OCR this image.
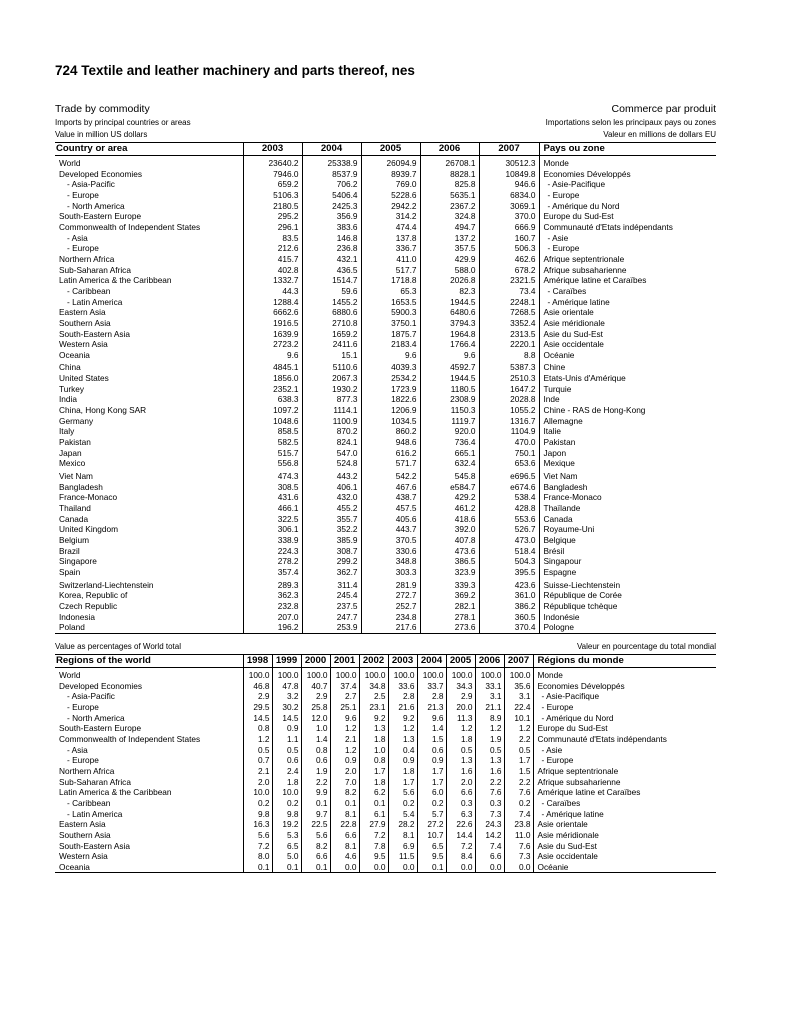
724 Textile and leather machinery and parts thereof, nes
Trade by commodity	Commerce par produit
Imports by principal countries or areas	Importations selon les principaux pays ou zones
Value in million US dollars	Valeur en millions de dollars EU
Country or area	2003	2004	2005	2006	2007	Pays ou zone
World	23640.2	25338.9	26094.9	26708.1	30512.3	Monde
Developed Economies	7946.0	8537.9	8939.7	8828.1	10849.8	Economies Développés
- Asia-Pacific	659.2	706.2	769.0	825.8	946.6	- Asie-Pacifique
- Europe	5106.3	5406.4	5228.6	5635.1	6834.0	- Europe
- North America	2180.5	2425.3	2942.2	2367.2	3069.1	- Amérique du Nord
South-Eastern Europe	295.2	356.9	314.2	324.8	370.0	Europe du Sud-Est
Commonwealth of Independent States	296.1	383.6	474.4	494.7	666.9	Communauté d'Etats indépendants
- Asia	83.5	146.8	137.8	137.2	160.7	- Asie
- Europe	212.6	236.8	336.7	357.5	506.3	- Europe
Northern Africa	415.7	432.1	411.0	429.9	462.6	Afrique septentrionale
Sub-Saharan Africa	402.8	436.5	517.7	588.0	678.2	Afrique subsaharienne
Latin America & the Caribbean	1332.7	1514.7	1718.8	2026.8	2321.5	Amérique latine et Caraïbes
- Caribbean	44.3	59.6	65.3	82.3	73.4	- Caraïbes
- Latin America	1288.4	1455.2	1653.5	1944.5	2248.1	- Amérique latine
Eastern Asia	6662.6	6880.6	5900.3	6480.6	7268.5	Asie orientale
Southern Asia	1916.5	2710.8	3750.1	3794.3	3352.4	Asie méridionale
South-Eastern Asia	1639.9	1659.2	1875.7	1964.8	2313.5	Asie du Sud-Est
Western Asia	2723.2	2411.6	2183.4	1766.4	2220.1	Asie occidentale
Oceania	9.6	15.1	9.6	9.6	8.8	Océanie
China	4845.1	5110.6	4039.3	4592.7	5387.3	Chine
United States	1856.0	2067.3	2534.2	1944.5	2510.3	Etats-Unis d'Amérique
Turkey	2352.1	1930.2	1723.9	1180.5	1647.2	Turquie
India	638.3	877.3	1822.6	2308.9	2028.8	Inde
China, Hong Kong SAR	1097.2	1114.1	1206.9	1150.3	1055.2	Chine - RAS de Hong-Kong
Germany	1048.6	1100.9	1034.5	1119.7	1316.7	Allemagne
Italy	858.5	870.2	860.2	920.0	1104.9	Italie
Pakistan	582.5	824.1	948.6	736.4	470.0	Pakistan
Japan	515.7	547.0	616.2	665.1	750.1	Japon
Mexico	556.8	524.8	571.7	632.4	653.6	Mexique
Viet Nam	474.3	443.2	542.2	545.8	e696.5	Viet Nam
Bangladesh	308.5	406.1	467.6	e584.7	e674.6	Bangladesh
France-Monaco	431.6	432.0	438.7	429.2	538.4	France-Monaco
Thailand	466.1	455.2	457.5	461.2	428.8	Thaïlande
Canada	322.5	355.7	405.6	418.6	553.6	Canada
United Kingdom	306.1	352.2	443.7	392.0	526.7	Royaume-Uni
Belgium	338.9	385.9	370.5	407.8	473.0	Belgique
Brazil	224.3	308.7	330.6	473.6	518.4	Brésil
Singapore	278.2	299.2	348.8	386.5	504.3	Singapour
Spain	357.4	362.7	303.3	323.9	395.5	Espagne
Switzerland-Liechtenstein	289.3	311.4	281.9	339.3	423.6	Suisse-Liechtenstein
Korea, Republic of	362.3	245.4	272.7	369.2	361.0	République de Corée
Czech Republic	232.8	237.5	252.7	282.1	386.2	République tchèque
Indonesia	207.0	247.7	234.8	278.1	360.5	Indonésie
Poland	196.2	253.9	217.6	273.6	370.4	Pologne
Value as percentages of World total	Valeur en pourcentage du total mondial
Regions of the world	1998	1999	2000	2001	2002	2003	2004	2005	2006	2007	Régions du monde
World	100.0	100.0	100.0	100.0	100.0	100.0	100.0	100.0	100.0	100.0	Monde
Developed Economies	46.8	47.8	40.7	37.4	34.8	33.6	33.7	34.3	33.1	35.6	Economies Développés
- Asia-Pacific	2.9	3.2	2.9	2.7	2.5	2.8	2.8	2.9	3.1	3.1	- Asie-Pacifique
- Europe	29.5	30.2	25.8	25.1	23.1	21.6	21.3	20.0	21.1	22.4	- Europe
- North America	14.5	14.5	12.0	9.6	9.2	9.2	9.6	11.3	8.9	10.1	- Amérique du Nord
South-Eastern Europe	0.8	0.9	1.0	1.2	1.3	1.2	1.4	1.2	1.2	1.2	Europe du Sud-Est
Commonwealth of Independent States	1.2	1.1	1.4	2.1	1.8	1.3	1.5	1.8	1.9	2.2	Communauté d'Etats indépendants
- Asia	0.5	0.5	0.8	1.2	1.0	0.4	0.6	0.5	0.5	0.5	- Asie
- Europe	0.7	0.6	0.6	0.9	0.8	0.9	0.9	1.3	1.3	1.7	- Europe
Northern Africa	2.1	2.4	1.9	2.0	1.7	1.8	1.7	1.6	1.6	1.5	Afrique septentrionale
Sub-Saharan Africa	2.0	1.8	2.2	7.0	1.8	1.7	1.7	2.0	2.2	2.2	Afrique subsaharienne
Latin America & the Caribbean	10.0	10.0	9.9	8.2	6.2	5.6	6.0	6.6	7.6	7.6	Amérique latine et Caraïbes
- Caribbean	0.2	0.2	0.1	0.1	0.1	0.2	0.2	0.3	0.3	0.2	- Caraïbes
- Latin America	9.8	9.8	9.7	8.1	6.1	5.4	5.7	6.3	7.3	7.4	- Amérique latine
Eastern Asia	16.3	19.2	22.5	22.8	27.9	28.2	27.2	22.6	24.3	23.8	Asie orientale
Southern Asia	5.6	5.3	5.6	6.6	7.2	8.1	10.7	14.4	14.2	11.0	Asie méridionale
South-Eastern Asia	7.2	6.5	8.2	8.1	7.8	6.9	6.5	7.2	7.4	7.6	Asie du Sud-Est
Western Asia	8.0	5.0	6.6	4.6	9.5	11.5	9.5	8.4	6.6	7.3	Asie occidentale
Oceania	0.1	0.1	0.1	0.0	0.0	0.0	0.1	0.0	0.0	0.0	Océanie
